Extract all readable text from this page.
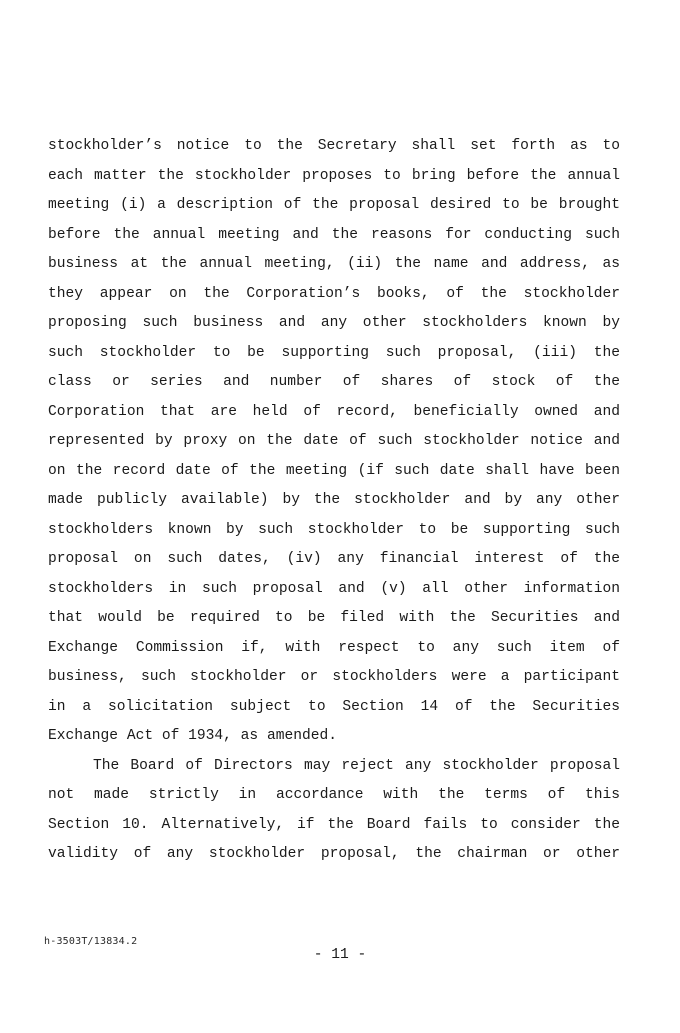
stockholder’s notice to the Secretary shall set forth as to
each matter the stockholder proposes to bring before the annual
meeting (i) a description of the proposal desired to be brought
before the annual meeting and the reasons for conducting such
business at the annual meeting, (ii) the name and address, as
they appear on the Corporation’s books, of the stockholder
proposing such business and any other stockholders known by
such stockholder to be supporting such proposal, (iii) the
class or series and number of shares of stock of the
Corporation that are held of record, beneficially owned and
represented by proxy on the date of such stockholder notice and
on the record date of the meeting (if such date shall have been
made publicly available) by the stockholder and by any other
stockholders known by such stockholder to be supporting such
proposal on such dates, (iv) any financial interest of the
stockholders in such proposal and (v) all other information
that would be required to be filed with the Securities and
Exchange Commission if, with respect to any such item of
business, such stockholder or stockholders were a participant
in a solicitation subject to Section 14 of the Securities
Exchange Act of 1934, as amended.
The Board of Directors may reject any stockholder proposal
not made strictly in accordance with the terms of this
Section 10. Alternatively, if the Board fails to consider the
validity of any stockholder proposal, the chairman or other
h-3503T/13834.2
- 11 -
